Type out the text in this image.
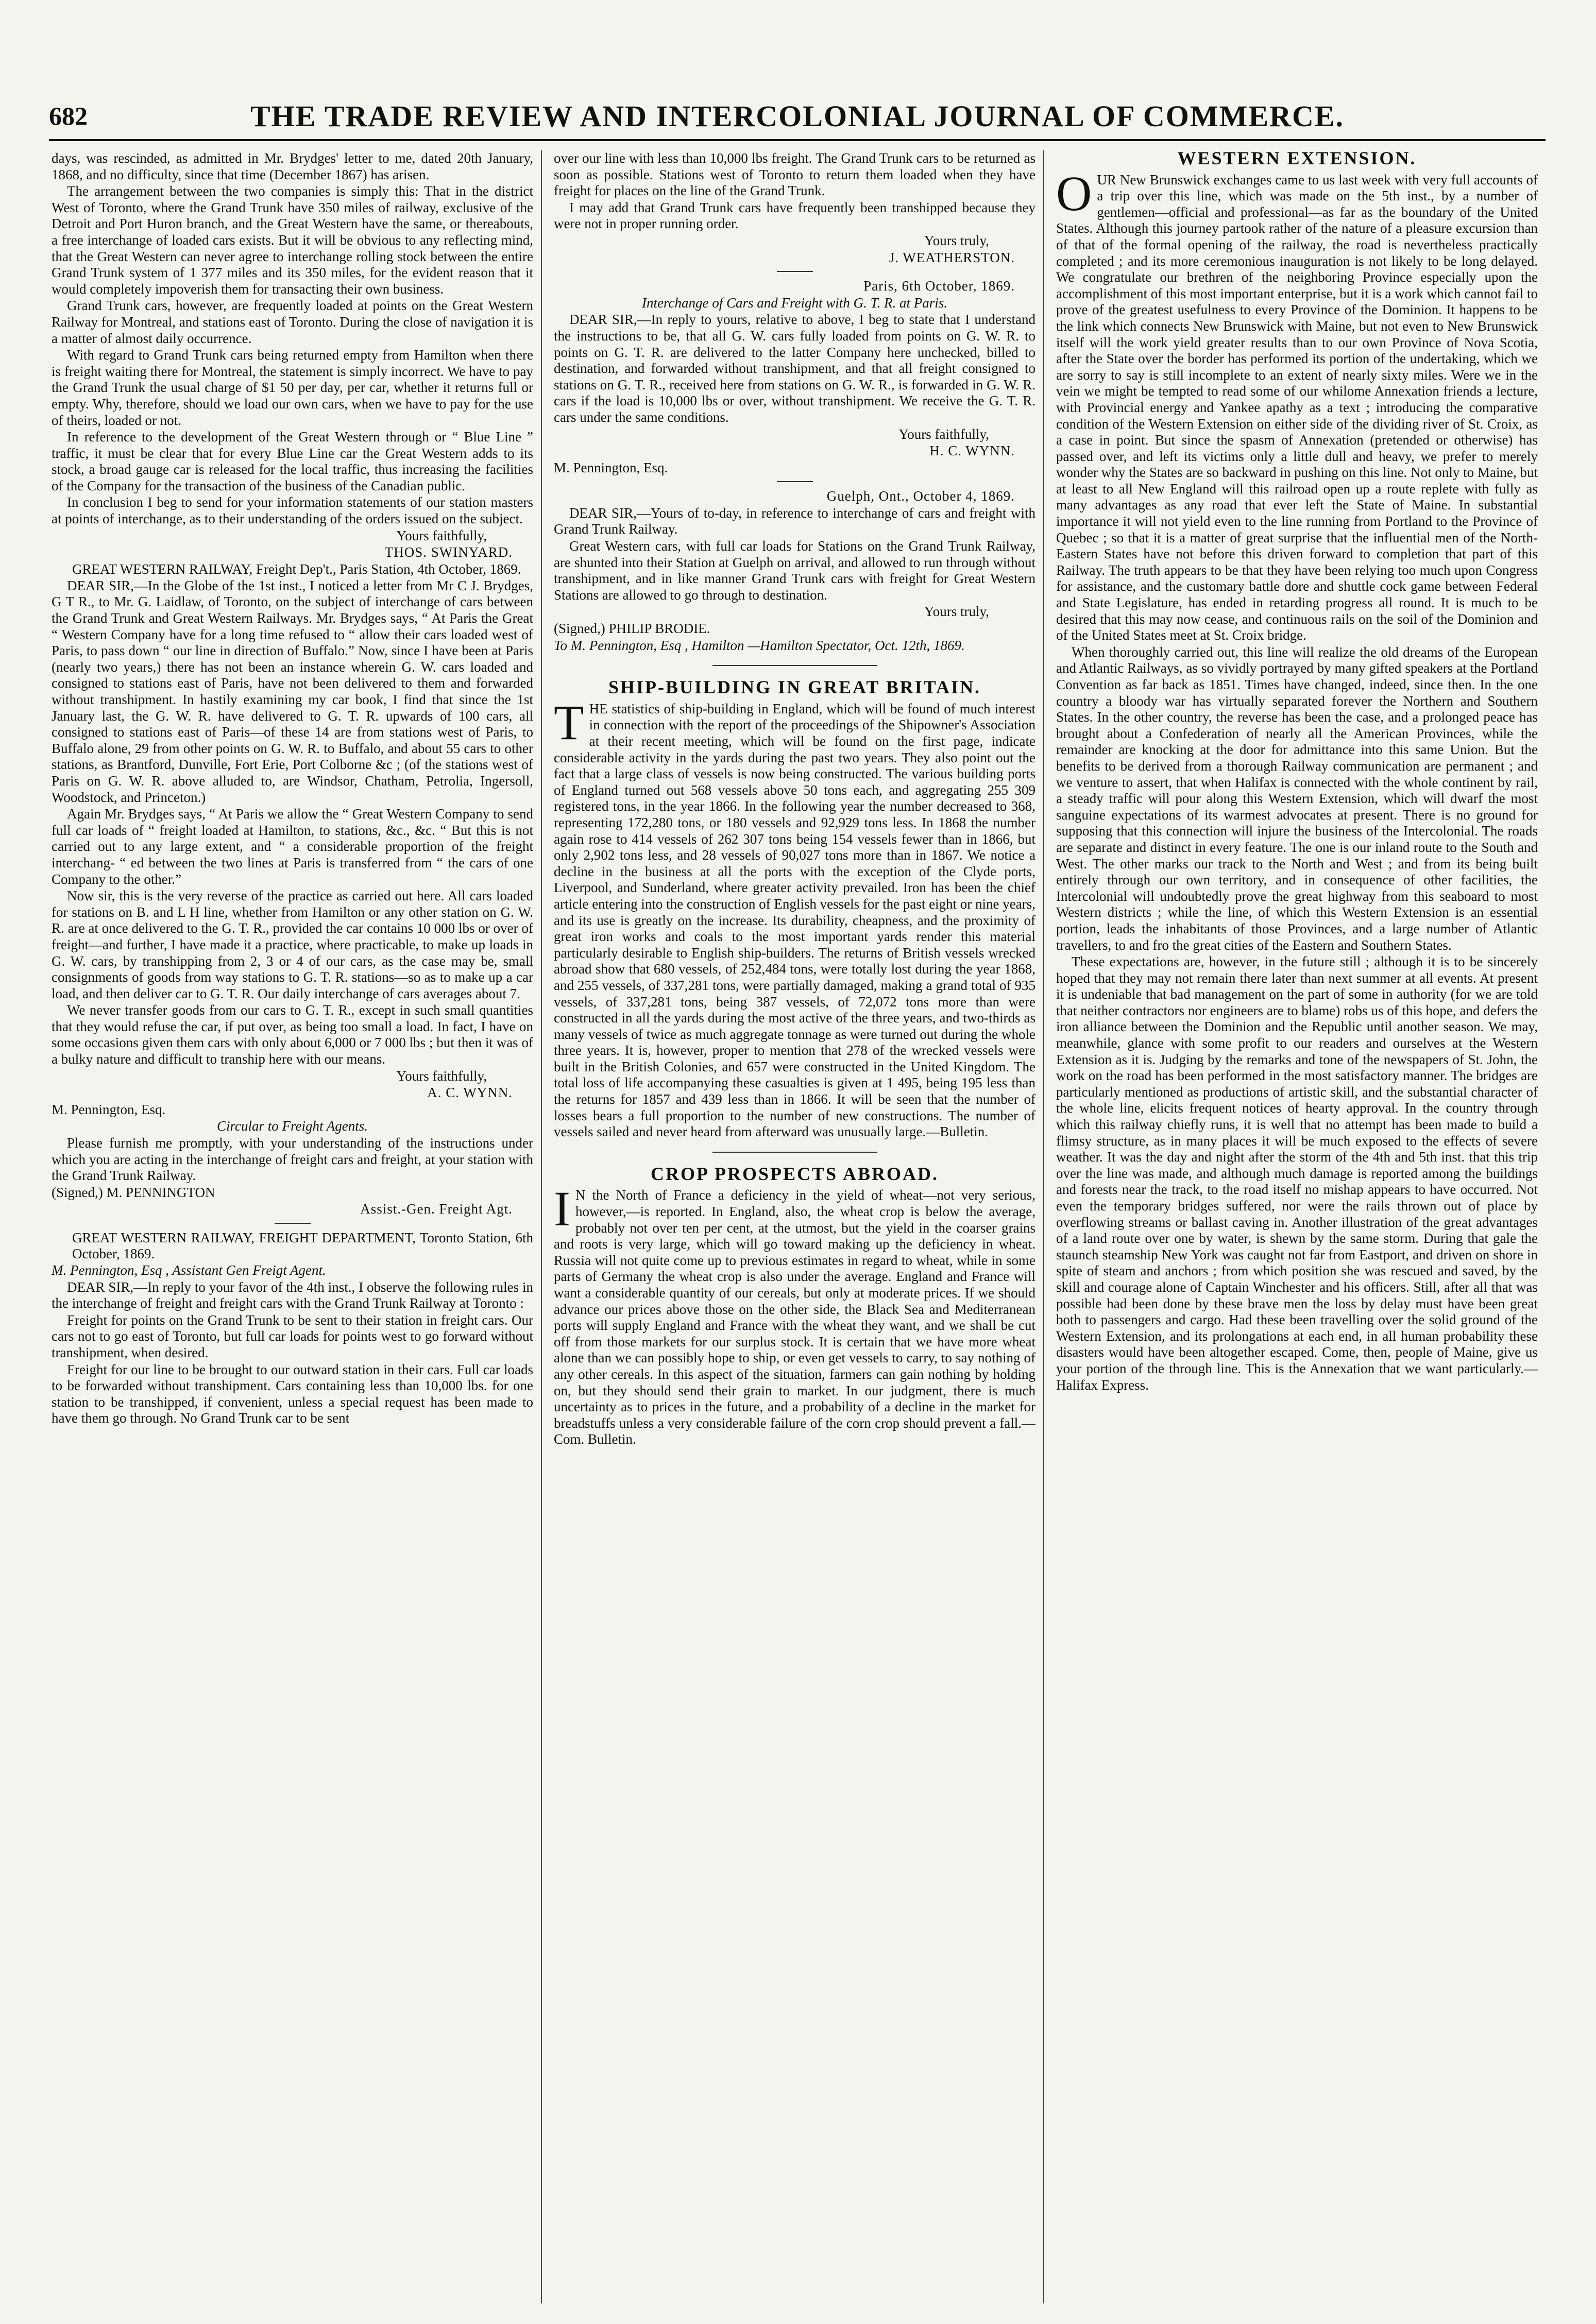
682	THE TRADE REVIEW AND INTERCOLONIAL JOURNAL OF COMMERCE.

days, was rescinded, as admitted in Mr. Brydges' letter to me, dated 20th January, 1868, and no difficulty, since that time (December 1867) has arisen.

The arrangement between the two companies is simply this: That in the district West of Toronto, where the Grand Trunk have 350 miles of railway, exclusive of the Detroit and Port Huron branch, and the Great Western have the same, or thereabouts, a free interchange of loaded cars exists. But it will be obvious to any reflecting mind, that the Great Western can never agree to interchange rolling stock between the entire Grand Trunk system of 1 377 miles and its 350 miles, for the evident reason that it would completely impoverish them for transacting their own business.

Grand Trunk cars, however, are frequently loaded at points on the Great Western Railway for Montreal, and stations east of Toronto. During the close of navigation it is a matter of almost daily occurrence.

With regard to Grand Trunk cars being returned empty from Hamilton when there is freight waiting there for Montreal, the statement is simply incorrect. We have to pay the Grand Trunk the usual charge of $1 50 per day, per car, whether it returns full or empty. Why, therefore, should we load our own cars, when we have to pay for the use of theirs, loaded or not.

In reference to the development of the Great Western through or “ Blue Line ” traffic, it must be clear that for every Blue Line car the Great Western adds to its stock, a broad gauge car is released for the local traffic, thus increasing the facilities of the Company for the transaction of the business of the Canadian public.

In conclusion I beg to send for your information statements of our station masters at points of interchange, as to their understanding of the orders issued on the subject.

Yours faithfully,

THOS. SWINYARD.

GREAT WESTERN RAILWAY, Freight Dep't., Paris Station, 4th October, 1869.

DEAR SIR,—In the Globe of the 1st inst., I noticed a letter from Mr C J. Brydges, G T R., to Mr. G. Laidlaw, of Toronto, on the subject of interchange of cars between the Grand Trunk and Great Western Railways. Mr. Brydges says, “ At Paris the Great “ Western Company have for a long time refused to “ allow their cars loaded west of Paris, to pass down “ our line in direction of Buffalo.” Now, since I have been at Paris (nearly two years,) there has not been an instance wherein G. W. cars loaded and consigned to stations east of Paris, have not been delivered to them and forwarded without transhipment. In hastily examining my car book, I find that since the 1st January last, the G. W. R. have delivered to G. T. R. upwards of 100 cars, all consigned to stations east of Paris—of these 14 are from stations west of Paris, to Buffalo alone, 29 from other points on G. W. R. to Buffalo, and about 55 cars to other stations, as Brantford, Dunville, Fort Erie, Port Colborne &c ; (of the stations west of Paris on G. W. R. above alluded to, are Windsor, Chatham, Petrolia, Ingersoll, Woodstock, and Princeton.)

Again Mr. Brydges says, “ At Paris we allow the “ Great Western Company to send full car loads of “ freight loaded at Hamilton, to stations, &c., &c. “ But this is not carried out to any large extent, and “ a considerable proportion of the freight interchang- “ ed between the two lines at Paris is transferred from “ the cars of one Company to the other.”

Now sir, this is the very reverse of the practice as carried out here. All cars loaded for stations on B. and L H line, whether from Hamilton or any other station on G. W. R. are at once delivered to the G. T. R., provided the car contains 10 000 lbs or over of freight—and further, I have made it a practice, where practicable, to make up loads in G. W. cars, by transhipping from 2, 3 or 4 of our cars, as the case may be, small consignments of goods from way stations to G. T. R. stations—so as to make up a car load, and then deliver car to G. T. R. Our daily interchange of cars averages about 7.

We never transfer goods from our cars to G. T. R., except in such small quantities that they would refuse the car, if put over, as being too small a load. In fact, I have on some occasions given them cars with only about 6,000 or 7 000 lbs ; but then it was of a bulky nature and difficult to tranship here with our means.

Yours faithfully,

A. C. WYNN.

M. Pennington, Esq.

Circular to Freight Agents.

Please furnish me promptly, with your understanding of the instructions under which you are acting in the interchange of freight cars and freight, at your station with the Grand Trunk Railway.

(Signed,) M. PENNINGTON

Assist.-Gen. Freight Agt.

GREAT WESTERN RAILWAY, FREIGHT DEPARTMENT, Toronto Station, 6th October, 1869.

M. Pennington, Esq , Assistant Gen Freigt Agent.

DEAR SIR,—In reply to your favor of the 4th inst., I observe the following rules in the interchange of freight and freight cars with the Grand Trunk Railway at Toronto :

Freight for points on the Grand Trunk to be sent to their station in freight cars. Our cars not to go east of Toronto, but full car loads for points west to go forward without transhipment, when desired.

Freight for our line to be brought to our outward station in their cars. Full car loads to be forwarded without transhipment. Cars containing less than 10,000 lbs. for one station to be transhipped, if convenient, unless a special request has been made to have them go through. No Grand Trunk car to be sent

over our line with less than 10,000 lbs freight. The Grand Trunk cars to be returned as soon as possible. Stations west of Toronto to return them loaded when they have freight for places on the line of the Grand Trunk.

I may add that Grand Trunk cars have frequently been transhipped because they were not in proper running order.

Yours truly,

J. WEATHERSTON.

Paris, 6th October, 1869.

Interchange of Cars and Freight with G. T. R. at Paris.

DEAR SIR,—In reply to yours, relative to above, I beg to state that I understand the instructions to be, that all G. W. cars fully loaded from points on G. W. R. to points on G. T. R. are delivered to the latter Company here unchecked, billed to destination, and forwarded without transhipment, and that all freight consigned to stations on G. T. R., received here from stations on G. W. R., is forwarded in G. W. R. cars if the load is 10,000 lbs or over, without transhipment. We receive the G. T. R. cars under the same conditions.

Yours faithfully,

H. C. WYNN.

M. Pennington, Esq.

Guelph, Ont., October 4, 1869.

DEAR SIR,—Yours of to-day, in reference to interchange of cars and freight with Grand Trunk Railway.

Great Western cars, with full car loads for Stations on the Grand Trunk Railway, are shunted into their Station at Guelph on arrival, and allowed to run through without transhipment, and in like manner Grand Trunk cars with freight for Great Western Stations are allowed to go through to destination.

Yours truly,

(Signed,) PHILIP BRODIE.

To M. Pennington, Esq , Hamilton —Hamilton Spectator, Oct. 12th, 1869.

SHIP-BUILDING IN GREAT BRITAIN.

THE statistics of ship-building in England, which will be found of much interest in connection with the report of the proceedings of the Shipowner's Association at their recent meeting, which will be found on the first page, indicate considerable activity in the yards during the past two years. They also point out the fact that a large class of vessels is now being constructed. The various building ports of England turned out 568 vessels above 50 tons each, and aggregating 255 309 registered tons, in the year 1866. In the following year the number decreased to 368, representing 172,280 tons, or 180 vessels and 92,929 tons less. In 1868 the number again rose to 414 vessels of 262 307 tons being 154 vessels fewer than in 1866, but only 2,902 tons less, and 28 vessels of 90,027 tons more than in 1867. We notice a decline in the business at all the ports with the exception of the Clyde ports, Liverpool, and Sunderland, where greater activity prevailed. Iron has been the chief article entering into the construction of English vessels for the past eight or nine years, and its use is greatly on the increase. Its durability, cheapness, and the proximity of great iron works and coals to the most important yards render this material particularly desirable to English ship-builders. The returns of British vessels wrecked abroad show that 680 vessels, of 252,484 tons, were totally lost during the year 1868, and 255 vessels, of 337,281 tons, were partially damaged, making a grand total of 935 vessels, of 337,281 tons, being 387 vessels, of 72,072 tons more than were constructed in all the yards during the most active of the three years, and two-thirds as many vessels of twice as much aggregate tonnage as were turned out during the whole three years. It is, however, proper to mention that 278 of the wrecked vessels were built in the British Colonies, and 657 were constructed in the United Kingdom. The total loss of life accompanying these casualties is given at 1 495, being 195 less than the returns for 1857 and 439 less than in 1866. It will be seen that the number of losses bears a full proportion to the number of new constructions. The number of vessels sailed and never heard from afterward was unusually large.—Bulletin.

CROP PROSPECTS ABROAD.

I N the North of France a deficiency in the yield of wheat—not very serious, however,—is reported. In England, also, the wheat crop is below the average, probably not over ten per cent, at the utmost, but the yield in the coarser grains and roots is very large, which will go toward making up the deficiency in wheat. Russia will not quite come up to previous estimates in regard to wheat, while in some parts of Germany the wheat crop is also under the average. England and France will want a considerable quantity of our cereals, but only at moderate prices. If we should advance our prices above those on the other side, the Black Sea and Mediterranean ports will supply England and France with the wheat they want, and we shall be cut off from those markets for our surplus stock. It is certain that we have more wheat alone than we can possibly hope to ship, or even get vessels to carry, to say nothing of any other cereals. In this aspect of the situation, farmers can gain nothing by holding on, but they should send their grain to market. In our judgment, there is much uncertainty as to prices in the future, and a probability of a decline in the market for breadstuffs unless a very considerable failure of the corn crop should prevent a fall.—Com. Bulletin.

WESTERN EXTENSION.

OUR New Brunswick exchanges came to us last week with very full accounts of a trip over this line, which was made on the 5th inst., by a number of gentlemen—official and professional—as far as the boundary of the United States. Although this journey partook rather of the nature of a pleasure excursion than of that of the formal opening of the railway, the road is nevertheless practically completed ; and its more ceremonious inauguration is not likely to be long delayed. We congratulate our brethren of the neighboring Province especially upon the accomplishment of this most important enterprise, but it is a work which cannot fail to prove of the greatest usefulness to every Province of the Dominion. It happens to be the link which connects New Brunswick with Maine, but not even to New Brunswick itself will the work yield greater results than to our own Province of Nova Scotia, after the State over the border has performed its portion of the undertaking, which we are sorry to say is still incomplete to an extent of nearly sixty miles. Were we in the vein we might be tempted to read some of our whilome Annexation friends a lecture, with Provincial energy and Yankee apathy as a text ; introducing the comparative condition of the Western Extension on either side of the dividing river of St. Croix, as a case in point. But since the spasm of Annexation (pretended or otherwise) has passed over, and left its victims only a little dull and heavy, we prefer to merely wonder why the States are so backward in pushing on this line. Not only to Maine, but at least to all New England will this railroad open up a route replete with fully as many advantages as any road that ever left the State of Maine. In substantial importance it will not yield even to the line running from Portland to the Province of Quebec ; so that it is a matter of great surprise that the influential men of the North-Eastern States have not before this driven forward to completion that part of this Railway. The truth appears to be that they have been relying too much upon Congress for assistance, and the customary battle dore and shuttle cock game between Federal and State Legislature, has ended in retarding progress all round. It is much to be desired that this may now cease, and continuous rails on the soil of the Dominion and of the United States meet at St. Croix bridge.

When thoroughly carried out, this line will realize the old dreams of the European and Atlantic Railways, as so vividly portrayed by many gifted speakers at the Portland Convention as far back as 1851. Times have changed, indeed, since then. In the one country a bloody war has virtually separated forever the Northern and Southern States. In the other country, the reverse has been the case, and a prolonged peace has brought about a Confederation of nearly all the American Provinces, while the remainder are knocking at the door for admittance into this same Union. But the benefits to be derived from a thorough Railway communication are permanent ; and we venture to assert, that when Halifax is connected with the whole continent by rail, a steady traffic will pour along this Western Extension, which will dwarf the most sanguine expectations of its warmest advocates at present. There is no ground for supposing that this connection will injure the business of the Intercolonial. The roads are separate and distinct in every feature. The one is our inland route to the South and West. The other marks our track to the North and West ; and from its being built entirely through our own territory, and in consequence of other facilities, the Intercolonial will undoubtedly prove the great highway from this seaboard to most Western districts ; while the line, of which this Western Extension is an essential portion, leads the inhabitants of those Provinces, and a large number of Atlantic travellers, to and fro the great cities of the Eastern and Southern States.

These expectations are, however, in the future still ; although it is to be sincerely hoped that they may not remain there later than next summer at all events. At present it is undeniable that bad management on the part of some in authority (for we are told that neither contractors nor engineers are to blame) robs us of this hope, and defers the iron alliance between the Dominion and the Republic until another season. We may, meanwhile, glance with some profit to our readers and ourselves at the Western Extension as it is. Judging by the remarks and tone of the newspapers of St. John, the work on the road has been performed in the most satisfactory manner. The bridges are particularly mentioned as productions of artistic skill, and the substantial character of the whole line, elicits frequent notices of hearty approval. In the country through which this railway chiefly runs, it is well that no attempt has been made to build a flimsy structure, as in many places it will be much exposed to the effects of severe weather. It was the day and night after the storm of the 4th and 5th inst. that this trip over the line was made, and although much damage is reported among the buildings and forests near the track, to the road itself no mishap appears to have occurred. Not even the temporary bridges suffered, nor were the rails thrown out of place by overflowing streams or ballast caving in. Another illustration of the great advantages of a land route over one by water, is shewn by the same storm. During that gale the staunch steamship New York was caught not far from Eastport, and driven on shore in spite of steam and anchors ; from which position she was rescued and saved, by the skill and courage alone of Captain Winchester and his officers. Still, after all that was possible had been done by these brave men the loss by delay must have been great both to passengers and cargo. Had these been travelling over the solid ground of the Western Extension, and its prolongations at each end, in all human probability these disasters would have been altogether escaped. Come, then, people of Maine, give us your portion of the through line. This is the Annexation that we want particularly.—Halifax Express.
